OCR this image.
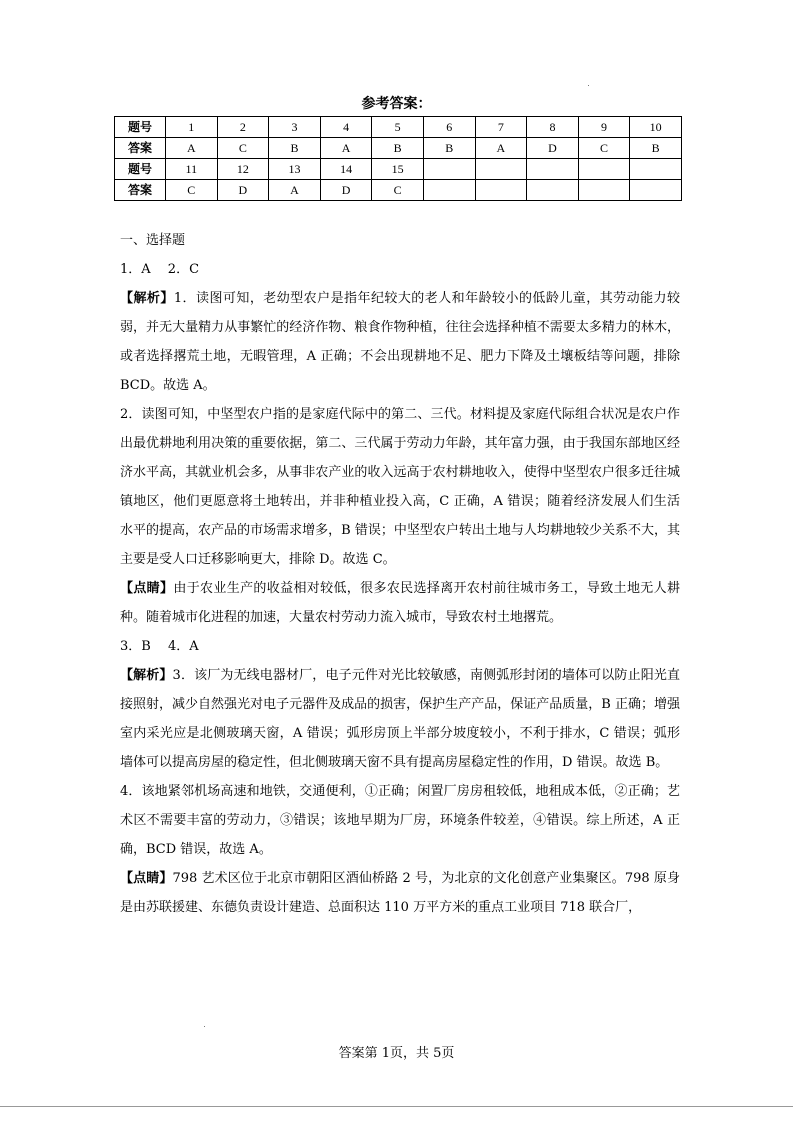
参考答案：
题号	1	2	3	4	5	6	7	8	9	10
答案	A	C	B	A	B	B	A	D	C	B
题号	11	12	13	14	15					
答案	C	D	A	D	C					

一、选择题

1．A　 2．C

【解析】1．读图可知，老幼型农户是指年纪较大的老人和年龄较小的低龄儿童，其劳动能力较弱，并无大量精力从事繁忙的经济作物、粮食作物种植，往往会选择种植不需要太多精力的林木，或者选择撂荒土地，无暇管理，A 正确；不会出现耕地不足、肥力下降及土壤板结等问题，排除 BCD。故选 A。

2．读图可知，中坚型农户指的是家庭代际中的第二、三代。材料提及家庭代际组合状况是农户作出最优耕地利用决策的重要依据，第二、三代属于劳动力年龄，其年富力强，由于我国东部地区经济水平高，其就业机会多，从事非农产业的收入远高于农村耕地收入，使得中坚型农户很多迁往城镇地区，他们更愿意将土地转出，并非种植业投入高，C 正确，A 错误；随着经济发展人们生活水平的提高，农产品的市场需求增多，B 错误；中坚型农户转出土地与人均耕地较少关系不大，其主要是受人口迁移影响更大，排除 D。故选 C。

【点睛】由于农业生产的收益相对较低，很多农民选择离开农村前往城市务工，导致土地无人耕种。随着城市化进程的加速，大量农村劳动力流入城市，导致农村土地撂荒。

3．B　 4．A

【解析】3．该厂为无线电器材厂，电子元件对光比较敏感，南侧弧形封闭的墙体可以防止阳光直接照射，减少自然强光对电子元器件及成品的损害，保护生产产品，保证产品质量，B 正确；增强室内采光应是北侧玻璃天窗，A 错误；弧形房顶上半部分坡度较小，不利于排水，C 错误；弧形墙体可以提高房屋的稳定性，但北侧玻璃天窗不具有提高房屋稳定性的作用，D 错误。故选 B。

4．该地紧邻机场高速和地铁，交通便利，①正确；闲置厂房房租较低，地租成本低，②正确；艺术区不需要丰富的劳动力，③错误；该地早期为厂房，环境条件较差，④错误。综上所述，A 正确，BCD 错误，故选 A。

【点睛】798 艺术区位于北京市朝阳区酒仙桥路 2 号，为北京的文化创意产业集聚区。798 原身是由苏联援建、东德负责设计建造、总面积达 110 万平方米的重点工业项目 718 联合厂，

答案第 1页，共 5页
